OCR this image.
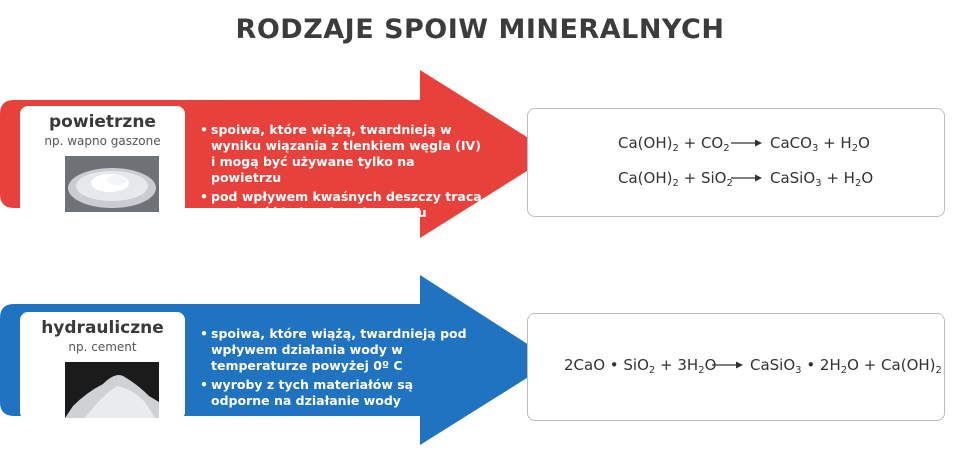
RODZAJE SPOIW MINERALNYCH
powietrzne
np. wapno gaszone
• spoiwa, które wiążą, twardnieją w wyniku wiązania z tlenkiem węgla (IV) i mogą być używane tylko na powietrzu
• pod wpływem kwaśnych deszczy tracą spoistość i ulegają zniszczeniu
$Ca(OH)_2 + CO_2$ → CaCO$_3$ + $H_2O$
$Ca(OH)_2 + SiO_2$ → CaSiO$_3$ + $H_2O$
hydrauliczne
np. cement
• spoiwa, które wiążą, twardnieją pod wpływem działania wody w temperaturze powyżej 0º C
• wyroby z tych materiałów są odporne na działanie wody
2CaO • $SiO_2 + 3H_2O$ → CaSiO$_3$ • $2H_2O + Ca(OH)_2$
